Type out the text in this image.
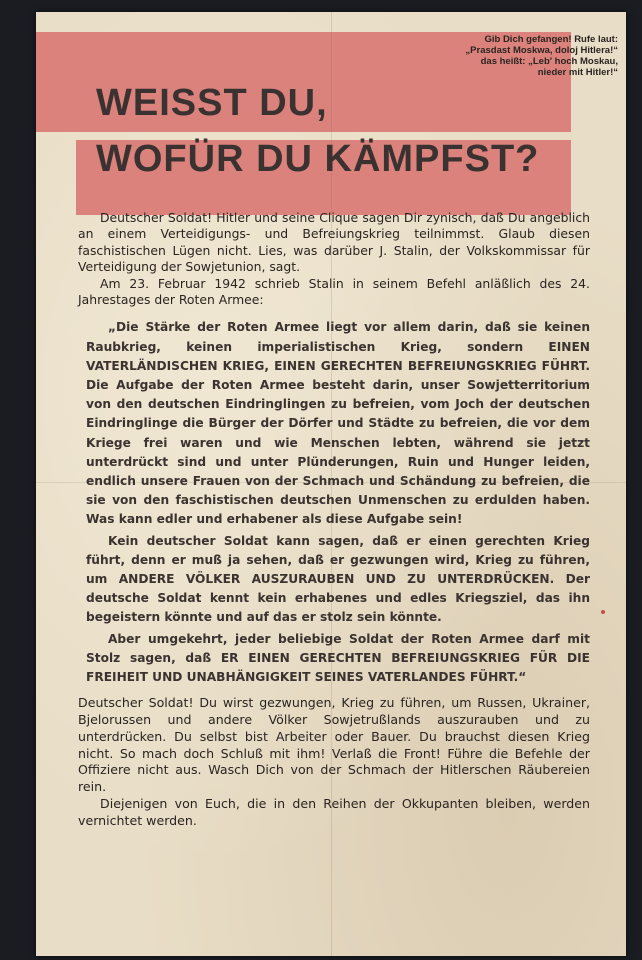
Gib Dich gefangen! Rufe laut:
„Prasdast Moskwa, doloj Hitlera!“
das heißt: „Leb' hoch Moskau,
nieder mit Hitler!“
WEISST DU,
WOFÜR DU KÄMPFST?

Deutscher Soldat! Hitler und seine Clique sagen Dir zynisch, daß Du angeblich an einem Verteidigungs- und Befreiungskrieg teilnimmst. Glaub diesen faschistischen Lügen nicht. Lies, was darüber J. Stalin, der Volkskommissar für Verteidigung der Sowjetunion, sagt.

Am 23. Februar 1942 schrieb Stalin in seinem Befehl anläßlich des 24. Jahrestages der Roten Armee:

„Die Stärke der Roten Armee liegt vor allem darin, daß sie keinen Raubkrieg, keinen imperialistischen Krieg, sondern EINEN VATERLÄNDISCHEN KRIEG, EINEN GERECHTEN BEFREIUNGSKRIEG FÜHRT. Die Aufgabe der Roten Armee besteht darin, unser Sowjetterritorium von den deutschen Eindringlingen zu befreien, vom Joch der deutschen Eindringlinge die Bürger der Dörfer und Städte zu befreien, die vor dem Kriege frei waren und wie Menschen lebten, während sie jetzt unterdrückt sind und unter Plünderungen, Ruin und Hunger leiden, endlich unsere Frauen von der Schmach und Schändung zu befreien, die sie von den faschistischen deutschen Unmenschen zu erdulden haben. Was kann edler und erhabener als diese Aufgabe sein!

Kein deutscher Soldat kann sagen, daß er einen gerechten Krieg führt, denn er muß ja sehen, daß er gezwungen wird, Krieg zu führen, um ANDERE VÖLKER AUSZURAUBEN UND ZU UNTERDRÜCKEN. Der deutsche Soldat kennt kein erhabenes und edles Kriegsziel, das ihn begeistern könnte und auf das er stolz sein könnte.

Aber umgekehrt, jeder beliebige Soldat der Roten Armee darf mit Stolz sagen, daß ER EINEN GERECHTEN BEFREIUNGSKRIEG FÜR DIE FREIHEIT UND UNABHÄNGIGKEIT SEINES VATERLANDES FÜHRT.“

Deutscher Soldat! Du wirst gezwungen, Krieg zu führen, um Russen, Ukrainer, Bjelorussen und andere Völker Sowjetrußlands auszurauben und zu unterdrücken. Du selbst bist Arbeiter oder Bauer. Du brauchst diesen Krieg nicht. So mach doch Schluß mit ihm! Verlaß die Front! Führe die Befehle der Offiziere nicht aus. Wasch Dich von der Schmach der Hitlerschen Räubereien rein.

Diejenigen von Euch, die in den Reihen der Okkupanten bleiben, werden vernichtet werden.
